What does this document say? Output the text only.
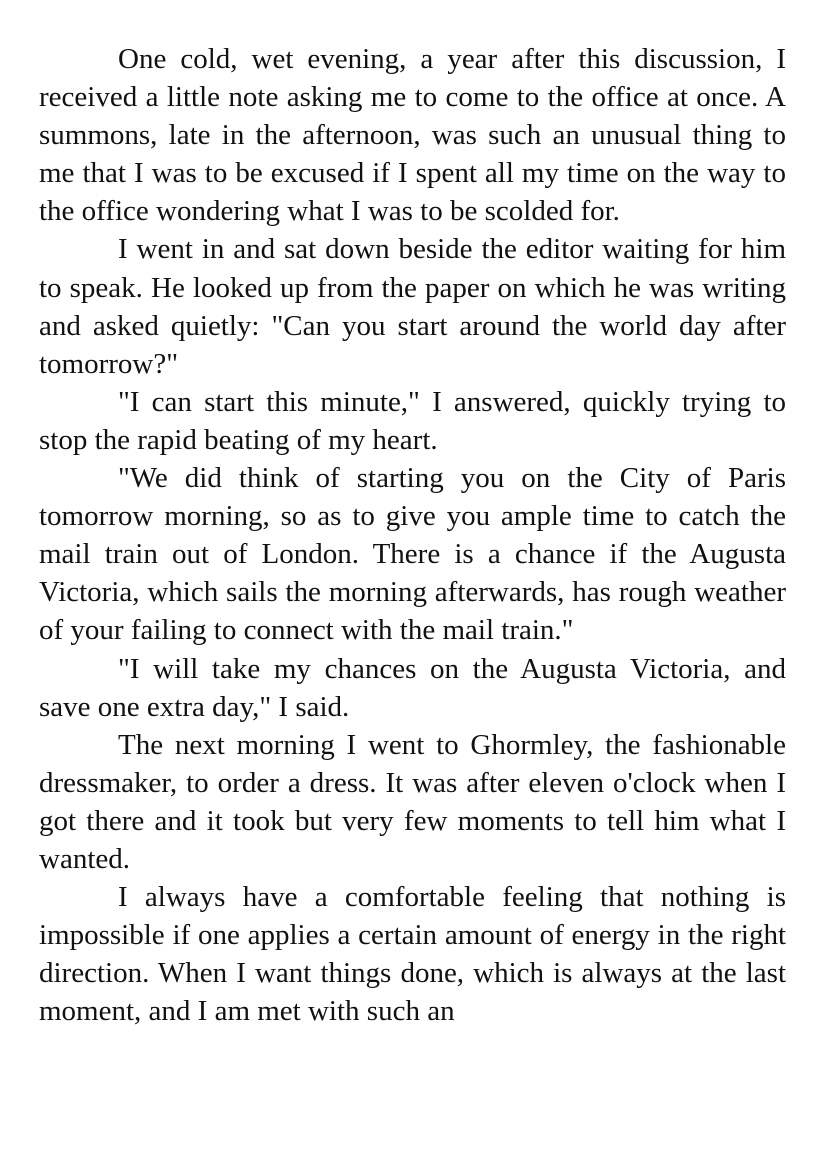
One cold, wet evening, a year after this discussion, I received a little note asking me to come to the office at once. A summons, late in the afternoon, was such an unusual thing to me that I was to be excused if I spent all my time on the way to the office wondering what I was to be scolded for.

I went in and sat down beside the editor waiting for him to speak. He looked up from the paper on which he was writing and asked quietly: "Can you start around the world day after tomorrow?"

"I can start this minute," I answered, quickly trying to stop the rapid beating of my heart.

"We did think of starting you on the City of Paris tomorrow morning, so as to give you ample time to catch the mail train out of London. There is a chance if the Augusta Victoria, which sails the morning afterwards, has rough weather of your failing to connect with the mail train."

"I will take my chances on the Augusta Victoria, and save one extra day," I said.

The next morning I went to Ghormley, the fashionable dressmaker, to order a dress. It was after eleven o'clock when I got there and it took but very few moments to tell him what I wanted.

I always have a comfortable feeling that nothing is impossible if one applies a certain amount of energy in the right direction. When I want things done, which is always at the last moment, and I am met with such an
